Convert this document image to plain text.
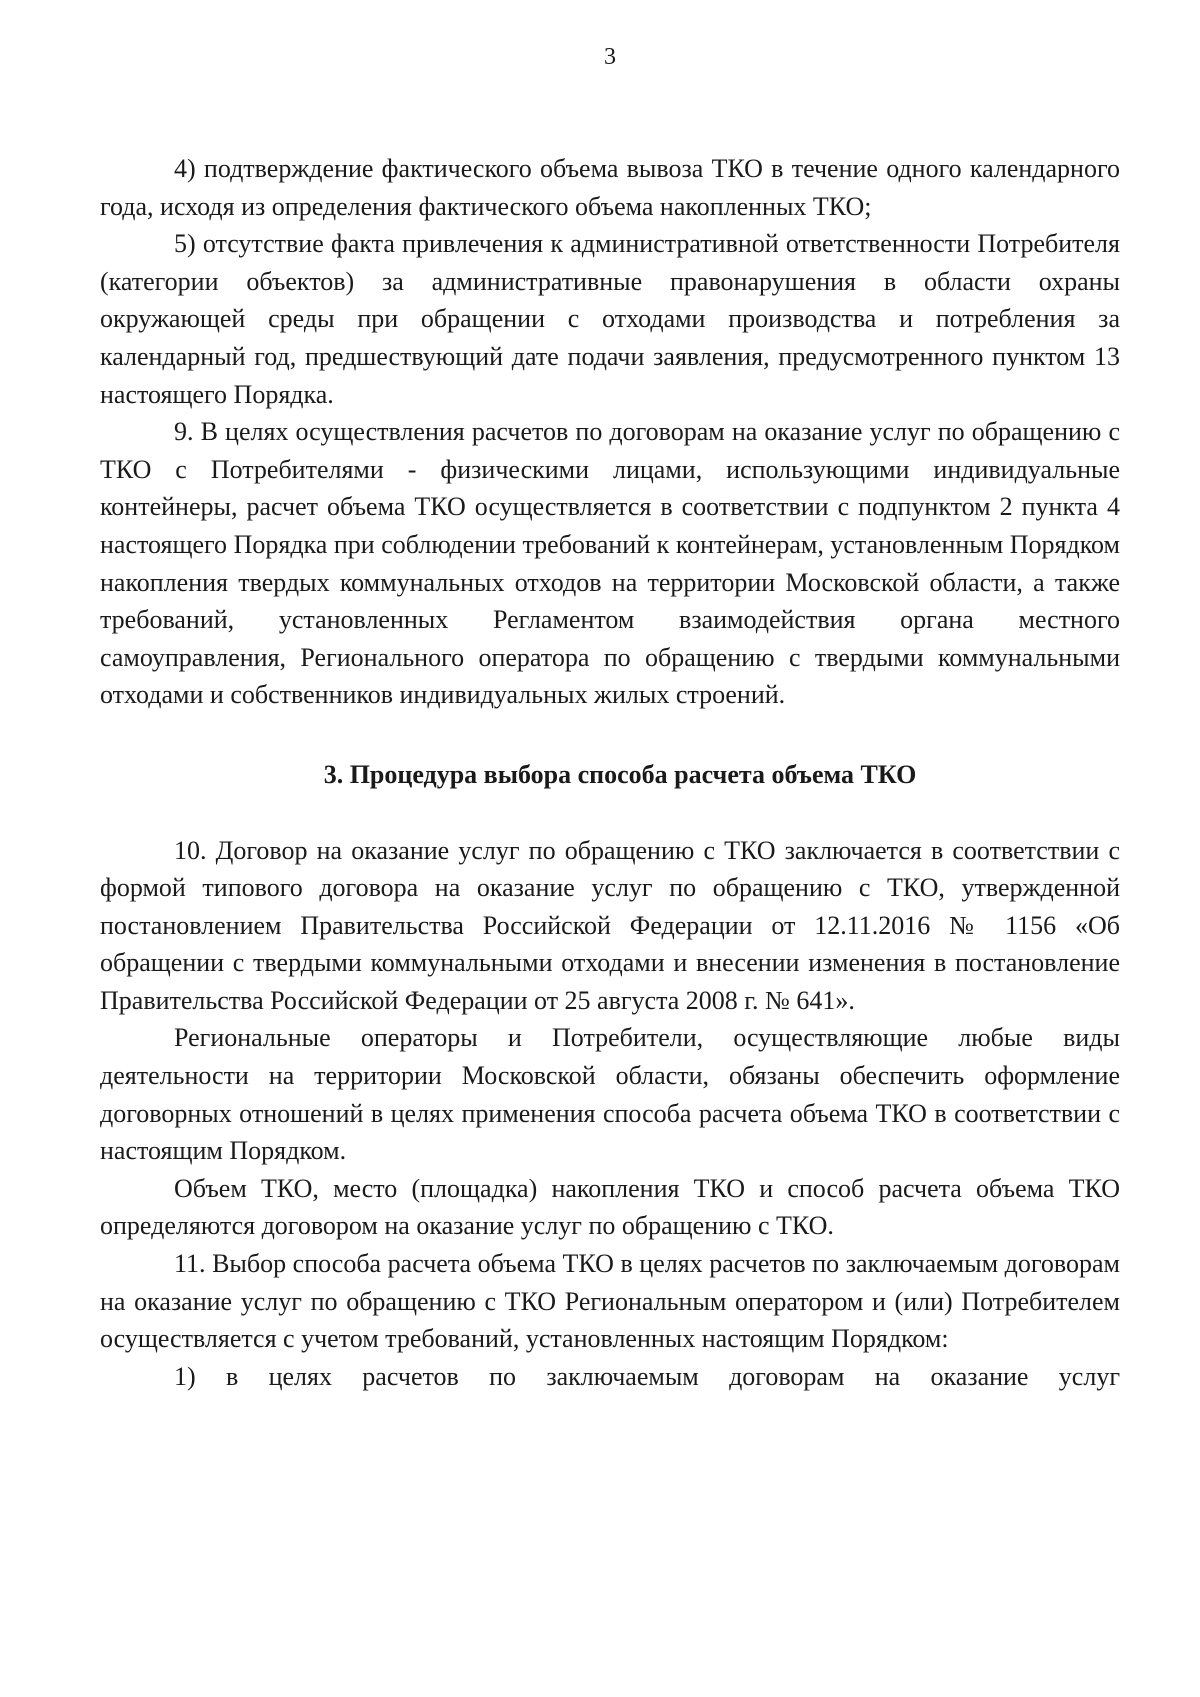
3

4) подтверждение фактического объема вывоза ТКО в течение одного календарного года, исходя из определения фактического объема накопленных ТКО;

5) отсутствие факта привлечения к административной ответственности Потребителя (категории объектов) за административные правонарушения в области охраны окружающей среды при обращении с отходами производства и потребления за календарный год, предшествующий дате подачи заявления, предусмотренного пунктом 13 настоящего Порядка.

9. В целях осуществления расчетов по договорам на оказание услуг по обращению с ТКО с Потребителями - физическими лицами, использующими индивидуальные контейнеры, расчет объема ТКО осуществляется в соответствии с подпунктом 2 пункта 4 настоящего Порядка при соблюдении требований к контейнерам, установленным Порядком накопления твердых коммунальных отходов на территории Московской области, а также требований, установленных Регламентом взаимодействия органа местного самоуправления, Регионального оператора по обращению с твердыми коммунальными отходами и собственников индивидуальных жилых строений.

3. Процедура выбора способа расчета объема ТКО

10. Договор на оказание услуг по обращению с ТКО заключается в соответствии с формой типового договора на оказание услуг по обращению с ТКО, утвержденной постановлением Правительства Российской Федерации от 12.11.2016 № 1156 «Об обращении с твердыми коммунальными отходами и внесении изменения в постановление Правительства Российской Федерации от 25 августа 2008 г. № 641».

Региональные операторы и Потребители, осуществляющие любые виды деятельности на территории Московской области, обязаны обеспечить оформление договорных отношений в целях применения способа расчета объема ТКО в соответствии с настоящим Порядком.

Объем ТКО, место (площадка) накопления ТКО и способ расчета объема ТКО определяются договором на оказание услуг по обращению с ТКО.

11. Выбор способа расчета объема ТКО в целях расчетов по заключаемым договорам на оказание услуг по обращению с ТКО Региональным оператором и (или) Потребителем осуществляется с учетом требований, установленных настоящим Порядком:

1) в целях расчетов по заключаемым договорам на оказание услуг
